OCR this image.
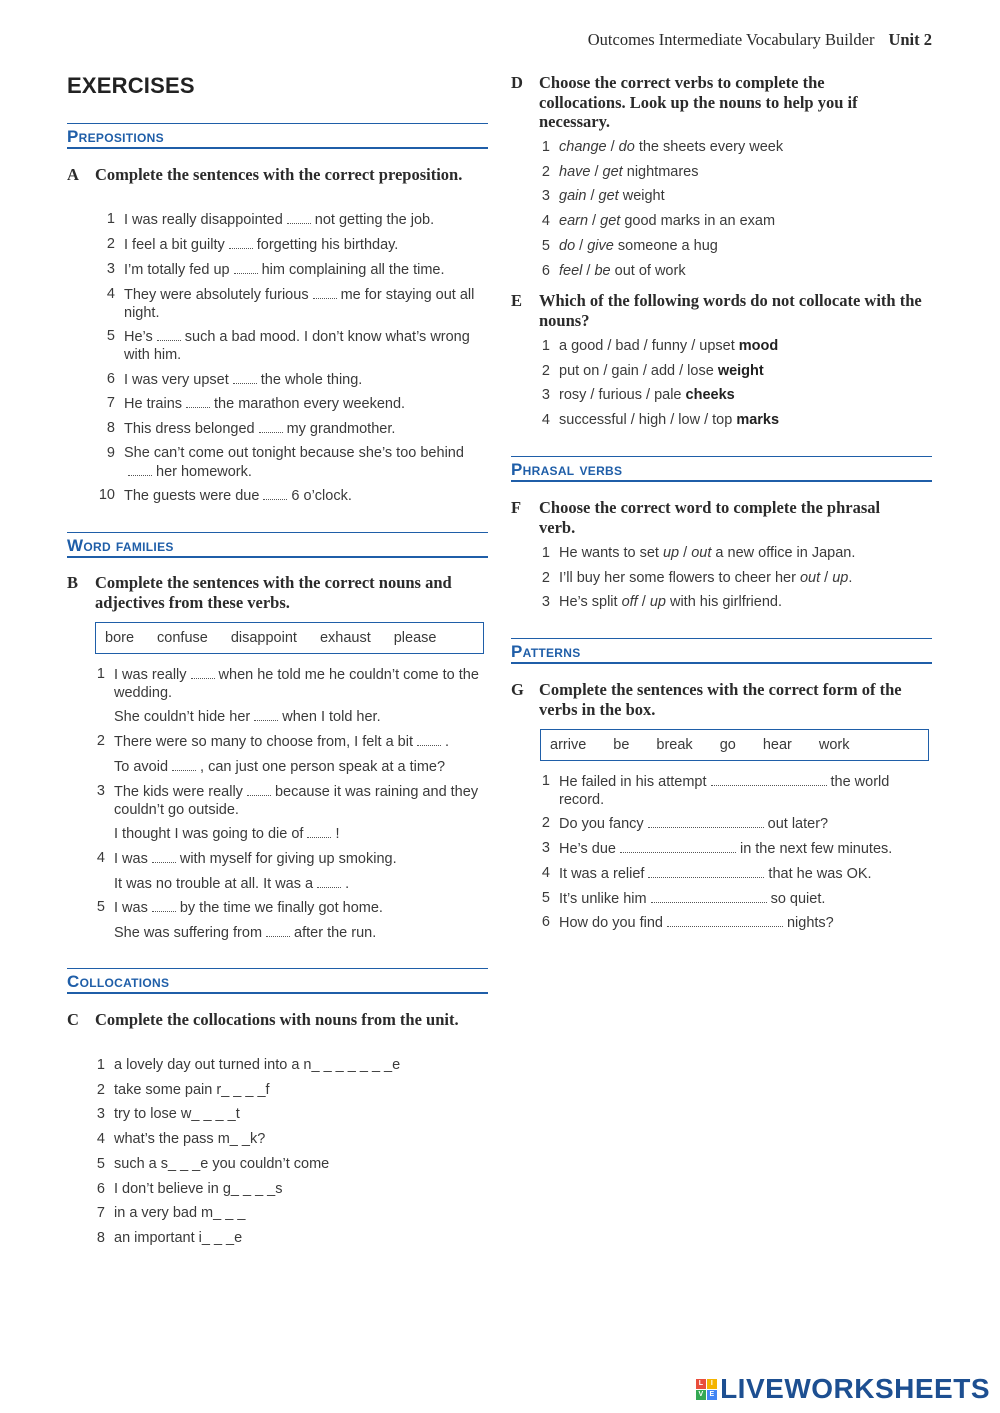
Outcomes Intermediate Vocabulary Builder Unit 2
EXERCISES
Prepositions
A Complete the sentences with the correct preposition.
1 I was really disappointed not getting the job.
2 I feel a bit guilty forgetting his birthday.
3 I’m totally fed up him complaining all the time.
4 They were absolutely furious me for staying out all night.
5 He’s such a bad mood. I don’t know what’s wrong with him.
6 I was very upset the whole thing.
7 He trains the marathon every weekend.
8 This dress belonged my grandmother.
9 She can’t come out tonight because she’s too behindher homework.
10 The guests were due 6 o’clock.
Word families
B	Complete the sentences with the correct nouns and adjectives from these verbs.
bore confuse disappoint exhaust please
1 I was really when he told me he couldn’t come to the wedding.
She couldn’t hide her when I told her.
2 There were so many to choose from, I felt a bit .
To avoid , can just one person speak at a time?
3 The kids were really because it was raining and they couldn’t go outside.
I thought I was going to die of !
4 I was with myself for giving up smoking.
It was no trouble at all. It was a .
5 I was by the time we finally got home.
She was suffering from after the run.
Collocations
C Complete the collocations with nouns from the unit.
1 a lovely day out turned into a n_ _ _ _ _ _ _e
2 take some pain r_ _ _ _f
3 try to lose w_ _ _ _t
4 what’s the pass m_ _k?
5 such a s_ _ _e you couldn’t come
6 I don’t believe in g_ _ _ _s
7 in a very bad m_ _ _
8 an important i_ _ _e
D Choose the correct verbs to complete the collocations. Look up the nouns to help you if necessary.
1 change / do the sheets every week
2 have / get nightmares
3 gain / get weight
4 earn / get good marks in an exam
5 do / give someone a hug
6 feel / be out of work
E	Which of the following words do not collocate with the nouns?
1 a good / bad / funny / upset mood
2 put on / gain / add / lose weight
3 rosy / furious / pale cheeks
4 successful / high / low / top marks
Phrasal verbs
F	Choose the correct word to complete the phrasal verb.
1 He wants to set up / out a new office in Japan.
2 I’ll buy her some flowers to cheer her out / up.
3 He’s split off / up with his girlfriend.
Patterns
G Complete the sentences with the correct form of the verbs in the box.
arrive be break go hear work
1 He failed in his attempt	the world record.
2 Do you fancy	out later?
3 He’s due	in the next few minutes.
4 It was a relief	that he was OK.
5 It’s unlike him	so quiet.
6 How do you find	nights?
L	I
V E LIVEWORKSHEETS
